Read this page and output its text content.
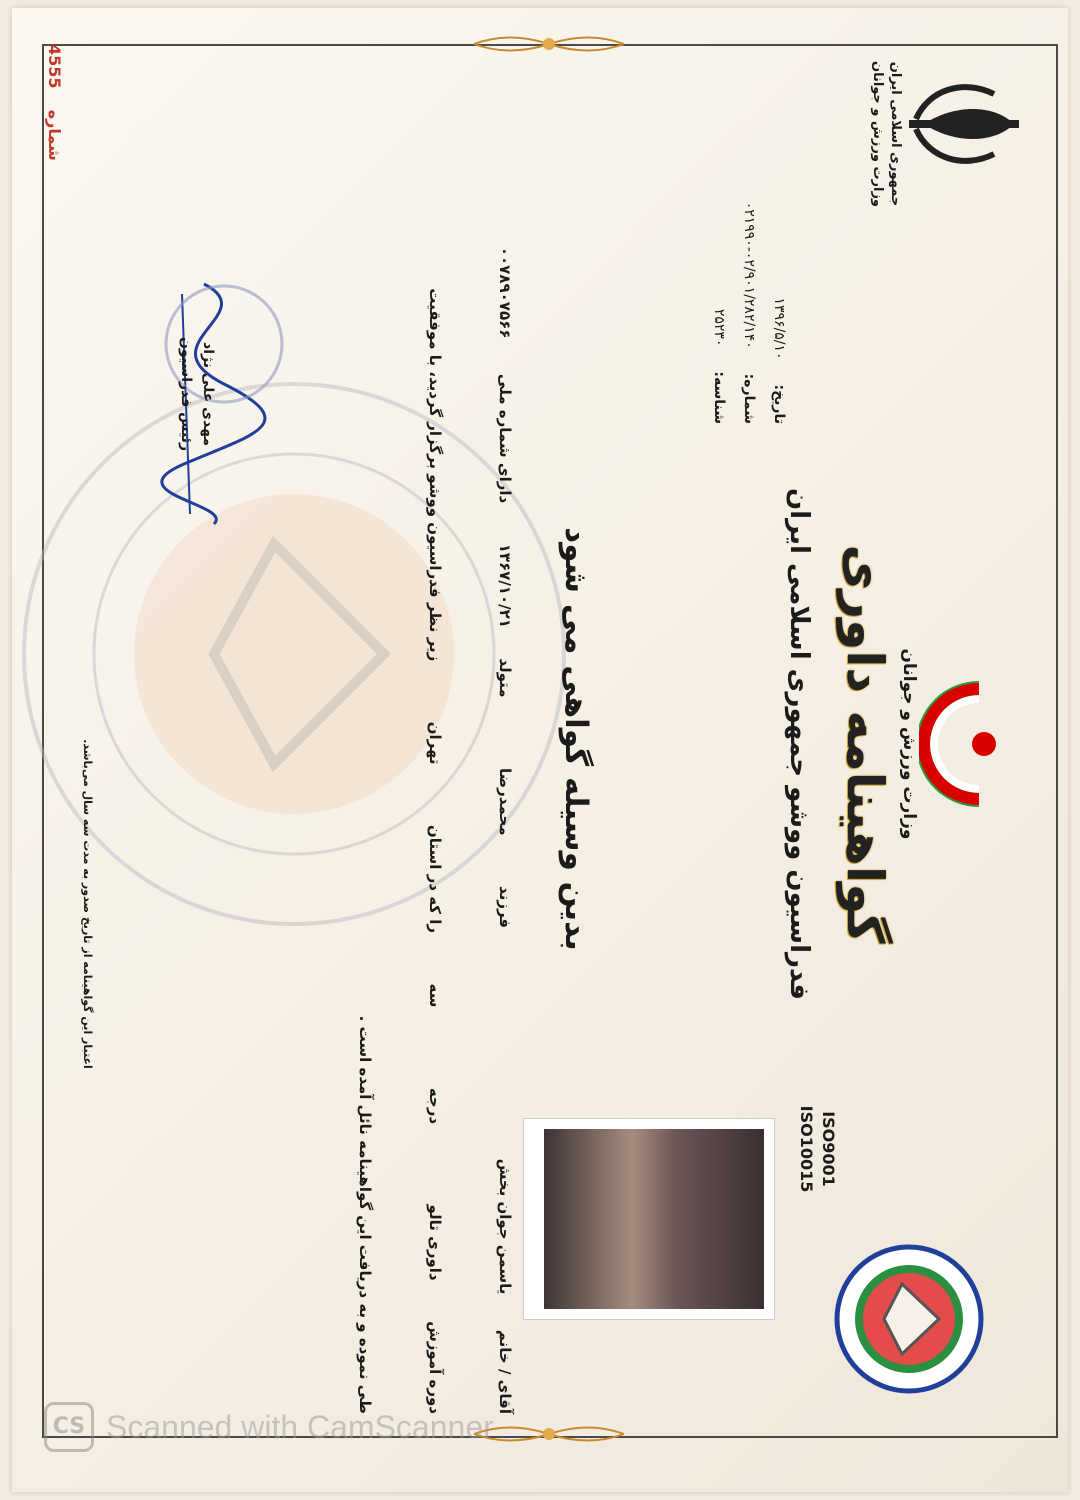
جمهوری اسلامی ایران
وزارت ورزش و جوانان
تاریخ:  ۱۳۹۶/۵/۱۰
شماره:  ۰۲/۹۰۱/۲۸۲/۱۴۰-۰۲۱۹۹۰
شناسه:  ۲۵۲۳۰
وزارت ورزش و جوانان
گواهینامه داوری
فدراسیون ووشو جمهوری اسلامی ایران
ISO9001
ISO10015
بدین وسیله گواهی می شود
آقای / خانم  یاسمن جوان بخش  فرزند  محمدرضا  متولد  ۱۳۶۷/۱۰/۲۱  دارای شماره ملی  ۰۰۷۸۹۰۷۵۶۶
دوره آموزش  داوری تالو  درجه  سه  را که در استان  تهران  زیر نظر فدراسیون ووشو برگزار گردید، با موفقیت
طی نموده و به دریافت این گواهینامه نائل آمده است .
مهدی علی نژاد
رئیس فدراسیون
اعتبار این گواهینامه از تاریخ صدور به مدت سه سال می‌باشد.
4555  شماره
CS Scanned with CamScanner
